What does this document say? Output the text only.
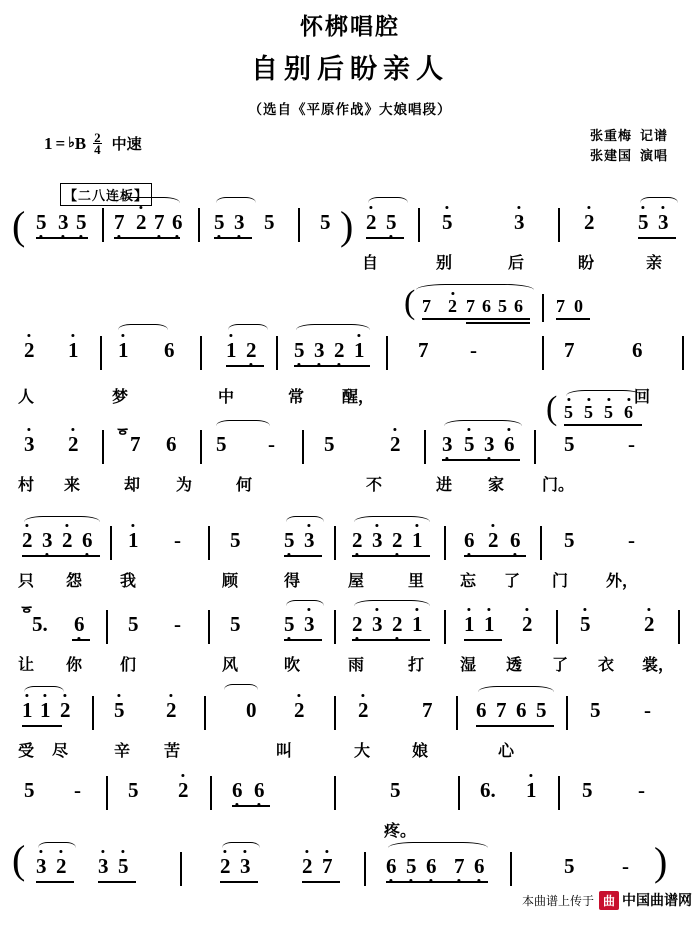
怀梆唱腔
自别后盼亲人
（选自《平原作战》大娘唱段）
张重梅 记谱
张建国 演唱
1 = ♭ B $\frac{2}{4}$ 中速
【二八连板】
( 5 3 5 7 2 7 6 5 3 5 5 ) 2 5 5	3	2 5 3
自	别	后	盼	亲
2 1 1 6 1 2 5 3 2 1
( 7 2 7 6 5 6 7 0
7 -	7	6
人	梦	中	常 醒，	回
3 2 ᅙ
7 6 5 - 5	2 3 5 3 6
( 5 5 5 6
5	-
村 来	却 为	何	不	进 家 门。
2 3 2 6 1 - 5 5 3 2 3 2 1 6 2 6 5	-
只 怨 我	顾	得	屋	里 忘 了 门 外，
ᅙ
5. 6 5 - 5 5 3 2 3 2 1 1 1 2 5	2
让 你 们	风	吹	雨	打 湿 透 了 衣 裳，
1 1 2 5 2	0 2	2	7 6 7 6 5 5 -
受 尽	辛 苦	叫	大	娘	心
5 - 5 2 6 6	5	6. 1 5 -
疼。
( 3 2 3 5	2 3 2 7	6 5 6 7 6	5 - )
本曲谱上传于 曲 中国曲谱网
